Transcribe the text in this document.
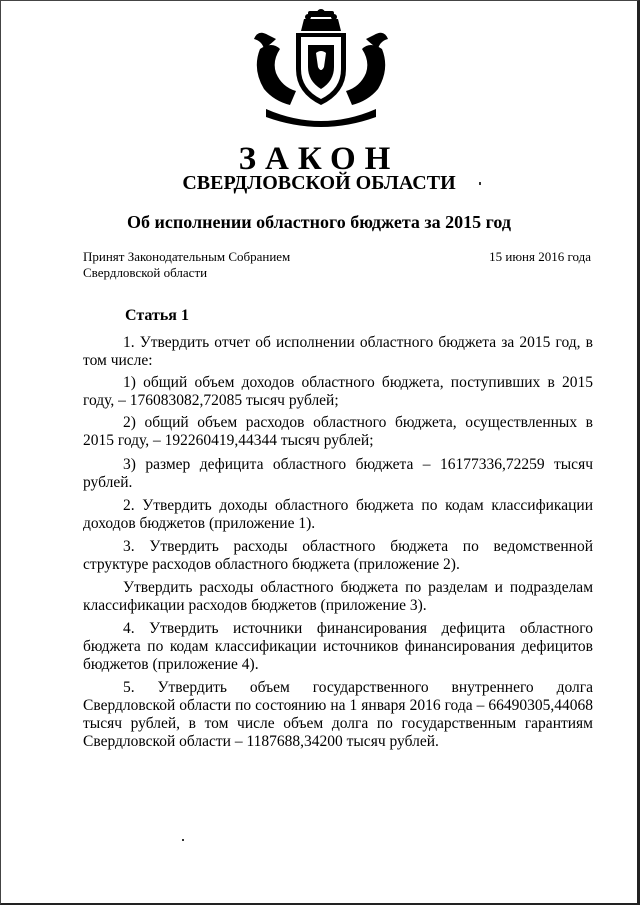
ЗАКОН
СВЕРДЛОВСКОЙ ОБЛАСТИ
Об исполнении областного бюджета за 2015 год
Принят Законодательным Собранием
Свердловской области
15 июня 2016 года
Статья 1
1. Утвердить отчет об исполнении областного бюджета за 2015 год, в том числе:
1) общий объем доходов областного бюджета, поступивших в 2015 году, – 176083082,72085 тысяч рублей;
2) общий объем расходов областного бюджета, осуществленных в 2015 году, – 192260419,44344 тысяч рублей;
3) размер дефицита областного бюджета – 16177336,72259 тысяч рублей.
2. Утвердить доходы областного бюджета по кодам классификации доходов бюджетов (приложение 1).
3. Утвердить расходы областного бюджета по ведомственной структуре расходов областного бюджета (приложение 2).
Утвердить расходы областного бюджета по разделам и подразделам классификации расходов бюджетов (приложение 3).
4. Утвердить источники финансирования дефицита областного бюджета по кодам классификации источников финансирования дефицитов бюджетов (приложение 4).
5. Утвердить объем государственного внутреннего долга Свердловской области по состоянию на 1 января 2016 года – 66490305,44068 тысяч рублей, в том числе объем долга по государственным гарантиям Свердловской области – 1187688,34200 тысяч рублей.
